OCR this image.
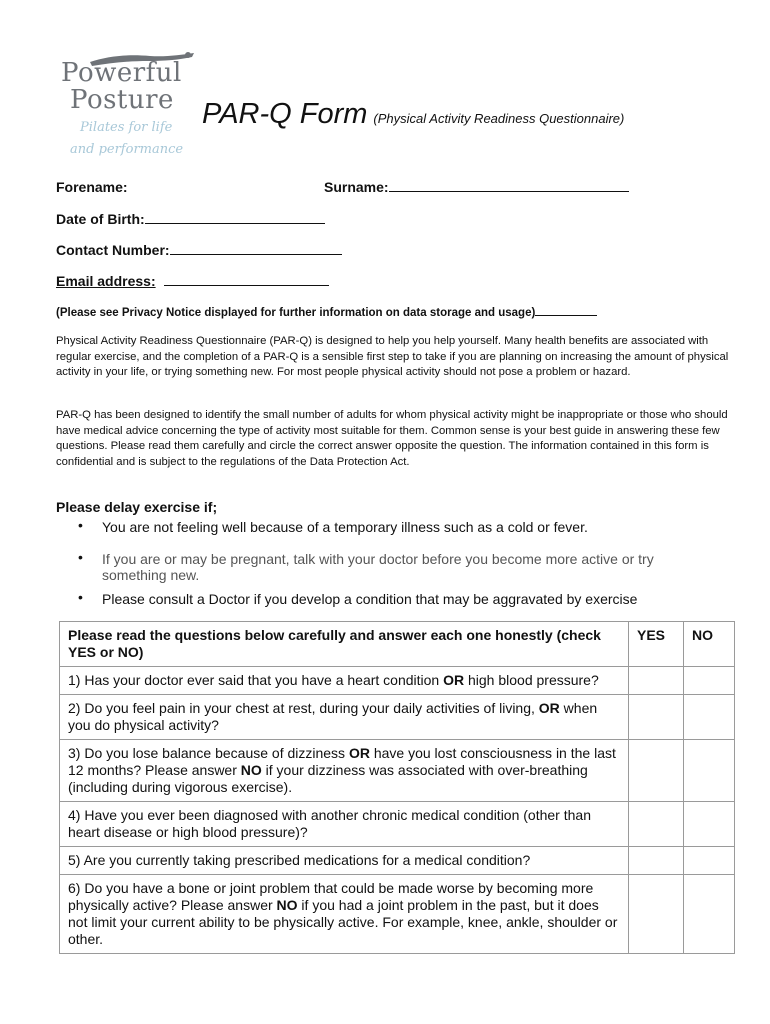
Powerful
Posture
Pilates for life
and performance
PAR-Q Form (Physical Activity Readiness Questionnaire)
Forename:	Surname:
Date of Birth:
Contact Number:
Email address:
(Please see Privacy Notice displayed for further information on data storage and usage)
Physical Activity Readiness Questionnaire (PAR-Q) is designed to help you help yourself. Many health benefits are associated with regular exercise, and the completion of a PAR-Q is a sensible first step to take if you are planning on increasing the amount of physical activity in your life, or trying something new. For most people physical activity should not pose a problem or hazard.
PAR-Q has been designed to identify the small number of adults for whom physical activity might be inappropriate or those who should have medical advice concerning the type of activity most suitable for them. Common sense is your best guide in answering these few questions. Please read them carefully and circle the correct answer opposite the question. The information contained in this form is confidential and is subject to the regulations of the Data Protection Act.
Please delay exercise if;
• You are not feeling well because of a temporary illness such as a cold or fever.
• If you are or may be pregnant, talk with your doctor before you become more active or try something new.
• Please consult a Doctor if you develop a condition that may be aggravated by exercise
Please read the questions below carefully and answer each one honestly (check YES or NO)	YES	NO
1) Has your doctor ever said that you have a heart condition OR high blood pressure?		
2) Do you feel pain in your chest at rest, during your daily activities of living, OR when you do physical activity?		
3) Do you lose balance because of dizziness OR have you lost consciousness in the last 12 months? Please answer NO if your dizziness was associated with over-breathing (including during vigorous exercise).		
4) Have you ever been diagnosed with another chronic medical condition (other than heart disease or high blood pressure)?		
5) Are you currently taking prescribed medications for a medical condition?		
6) Do you have a bone or joint problem that could be made worse by becoming more physically active? Please answer NO if you had a joint problem in the past, but it does not limit your current ability to be physically active. For example, knee, ankle, shoulder or other.		
